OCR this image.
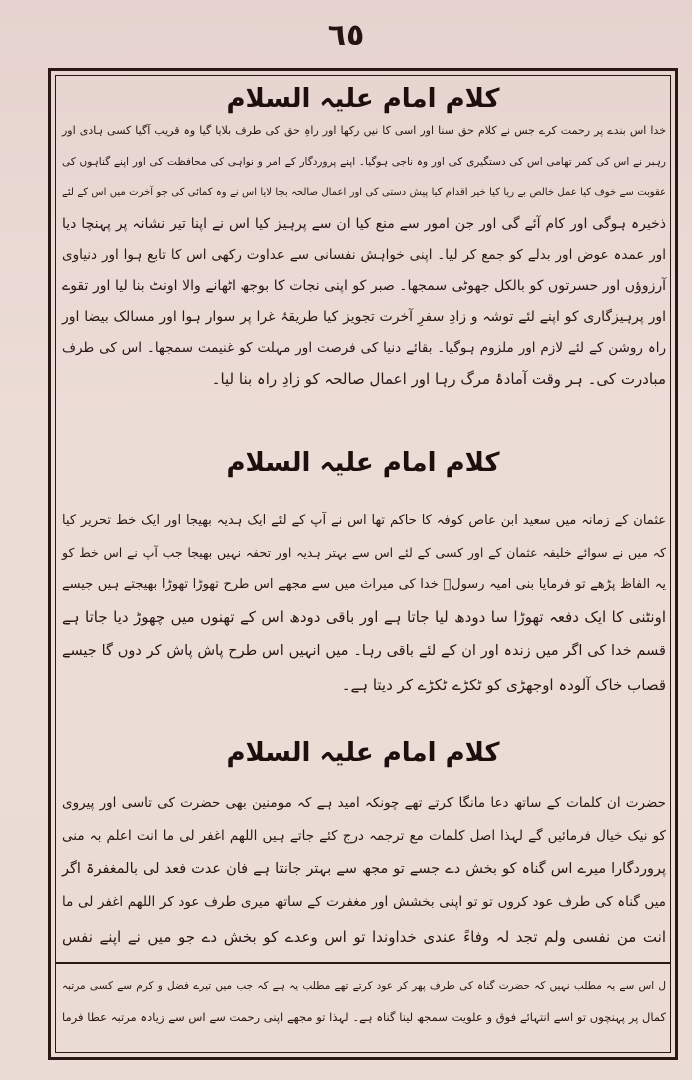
٦٥
کلام امام علیہ السلام
خدا اس بندے پر رحمت کرے جس نے کلام حق سنا اور اسی کا نیں رکھا اور راہِ حق کی طرف بلایا گیا وہ قریب آگیا کسی ہادی اور
رہبر نے اس کی کمر تھامی اس کی دستگیری کی اور وہ ناجی ہوگیا۔ اپنے پروردگار کے امر و نواہی کی محافظت کی اور اپنے گناہوں کی
عقوبت سے خوف کیا عمل خالص بے ریا کیا خیر اقدام کیا پیش دستی کی اور اعمال صالحہ بجا لایا اس نے وہ کمائی کی جو آخرت میں اس کے لئے
ذخیرہ ہوگی اور کام آئے گی اور جن امور سے منع کیا ان سے پرہیز کیا اس نے اپنا تیر نشانہ پر پہنچا دیا
اور عمدہ عوض اور بدلے کو جمع کر لیا۔ اپنی خواہش نفسانی سے عداوت رکھی اس کا تابع ہوا اور دنیاوی
آرزوؤں اور حسرتوں کو بالکل جھوٹی سمجھا۔ صبر کو اپنی نجات کا بوجھ اٹھانے والا اونٹ بنا لیا اور تقوے
اور پرہیزگاری کو اپنے لئے توشہ و زادِ سفرِ آخرت تجویز کیا طریقۂ غرا پر سوار ہوا اور مسالک بیضا اور
راہ روشن کے لئے لازم اور ملزوم ہوگیا۔ بقائے دنیا کی فرصت اور مہلت کو غنیمت سمجھا۔ اس کی طرف
مبادرت کی۔ ہر وقت آمادۂ مرگ رہا اور اعمال صالحہ کو زادِ راہ بنا لیا۔
کلام امام علیہ السلام
عثمان کے زمانہ میں سعید ابن عاص کوفہ کا حاکم تھا اس نے آپ کے لئے ایک ہدیہ بھیجا اور ایک خط تحریر کیا
کہ میں نے سوائے خلیفہ عثمان کے اور کسی کے لئے اس سے بہتر ہدیہ اور تحفہ نہیں بھیجا جب آپ نے اس خط کو
یہ الفاظ پڑھے تو فرمایا بنی امیہ رسولؐ خدا کی میراث میں سے مجھے اس طرح تھوڑا تھوڑا بھیجتے ہیں جیسے
اونٹنی کا ایک دفعہ تھوڑا سا دودھ لیا جاتا ہے اور باقی دودھ اس کے تھنوں میں چھوڑ دیا جاتا ہے
قسم خدا کی اگر میں زندہ اور ان کے لئے باقی رہا۔ میں انہیں اس طرح پاش پاش کر دوں گا جیسے
قصاب خاک آلودہ اوجھڑی کو ٹکڑے ٹکڑے کر دیتا ہے۔
کلام امام علیہ السلام
حضرت ان کلمات کے ساتھ دعا مانگا کرتے تھے چونکہ امید ہے کہ مومنین بھی حضرت کی تاسی اور پیروی
کو نیک خیال فرمائیں گے لہذا اصل کلمات مع ترجمہ درج کئے جاتے ہیں اللھم اغفر لی ما انت اعلم بہ منی
پروردگارا میرے اس گناہ کو بخش دے جسے تو مجھ سے بہتر جانتا ہے فان عدت فعد لی بالمغفرۃ اگر
میں گناہ کی طرف عود کروں تو تو اپنی بخشش اور مغفرت کے ساتھ میری طرف عود کر اللھم اغفر لی ما
انت من نفسی ولم تجد لہ وفاءً عندی خداوندا تو اس وعدے کو بخش دے جو میں نے اپنے نفس
ل اس سے یہ مطلب نہیں کہ حضرت گناہ کی طرف پھر کر عود کرتے تھے مطلب یہ ہے کہ جب میں تیرے فضل و کرم سے کسی مرتبہ
کمال پر پہنچوں تو اسے انتہائے فوق و علویت سمجھ لینا گناہ ہے۔ لہذا تو مجھے اپنی رحمت سے اس سے زیادہ مرتبہ عطا فرما
